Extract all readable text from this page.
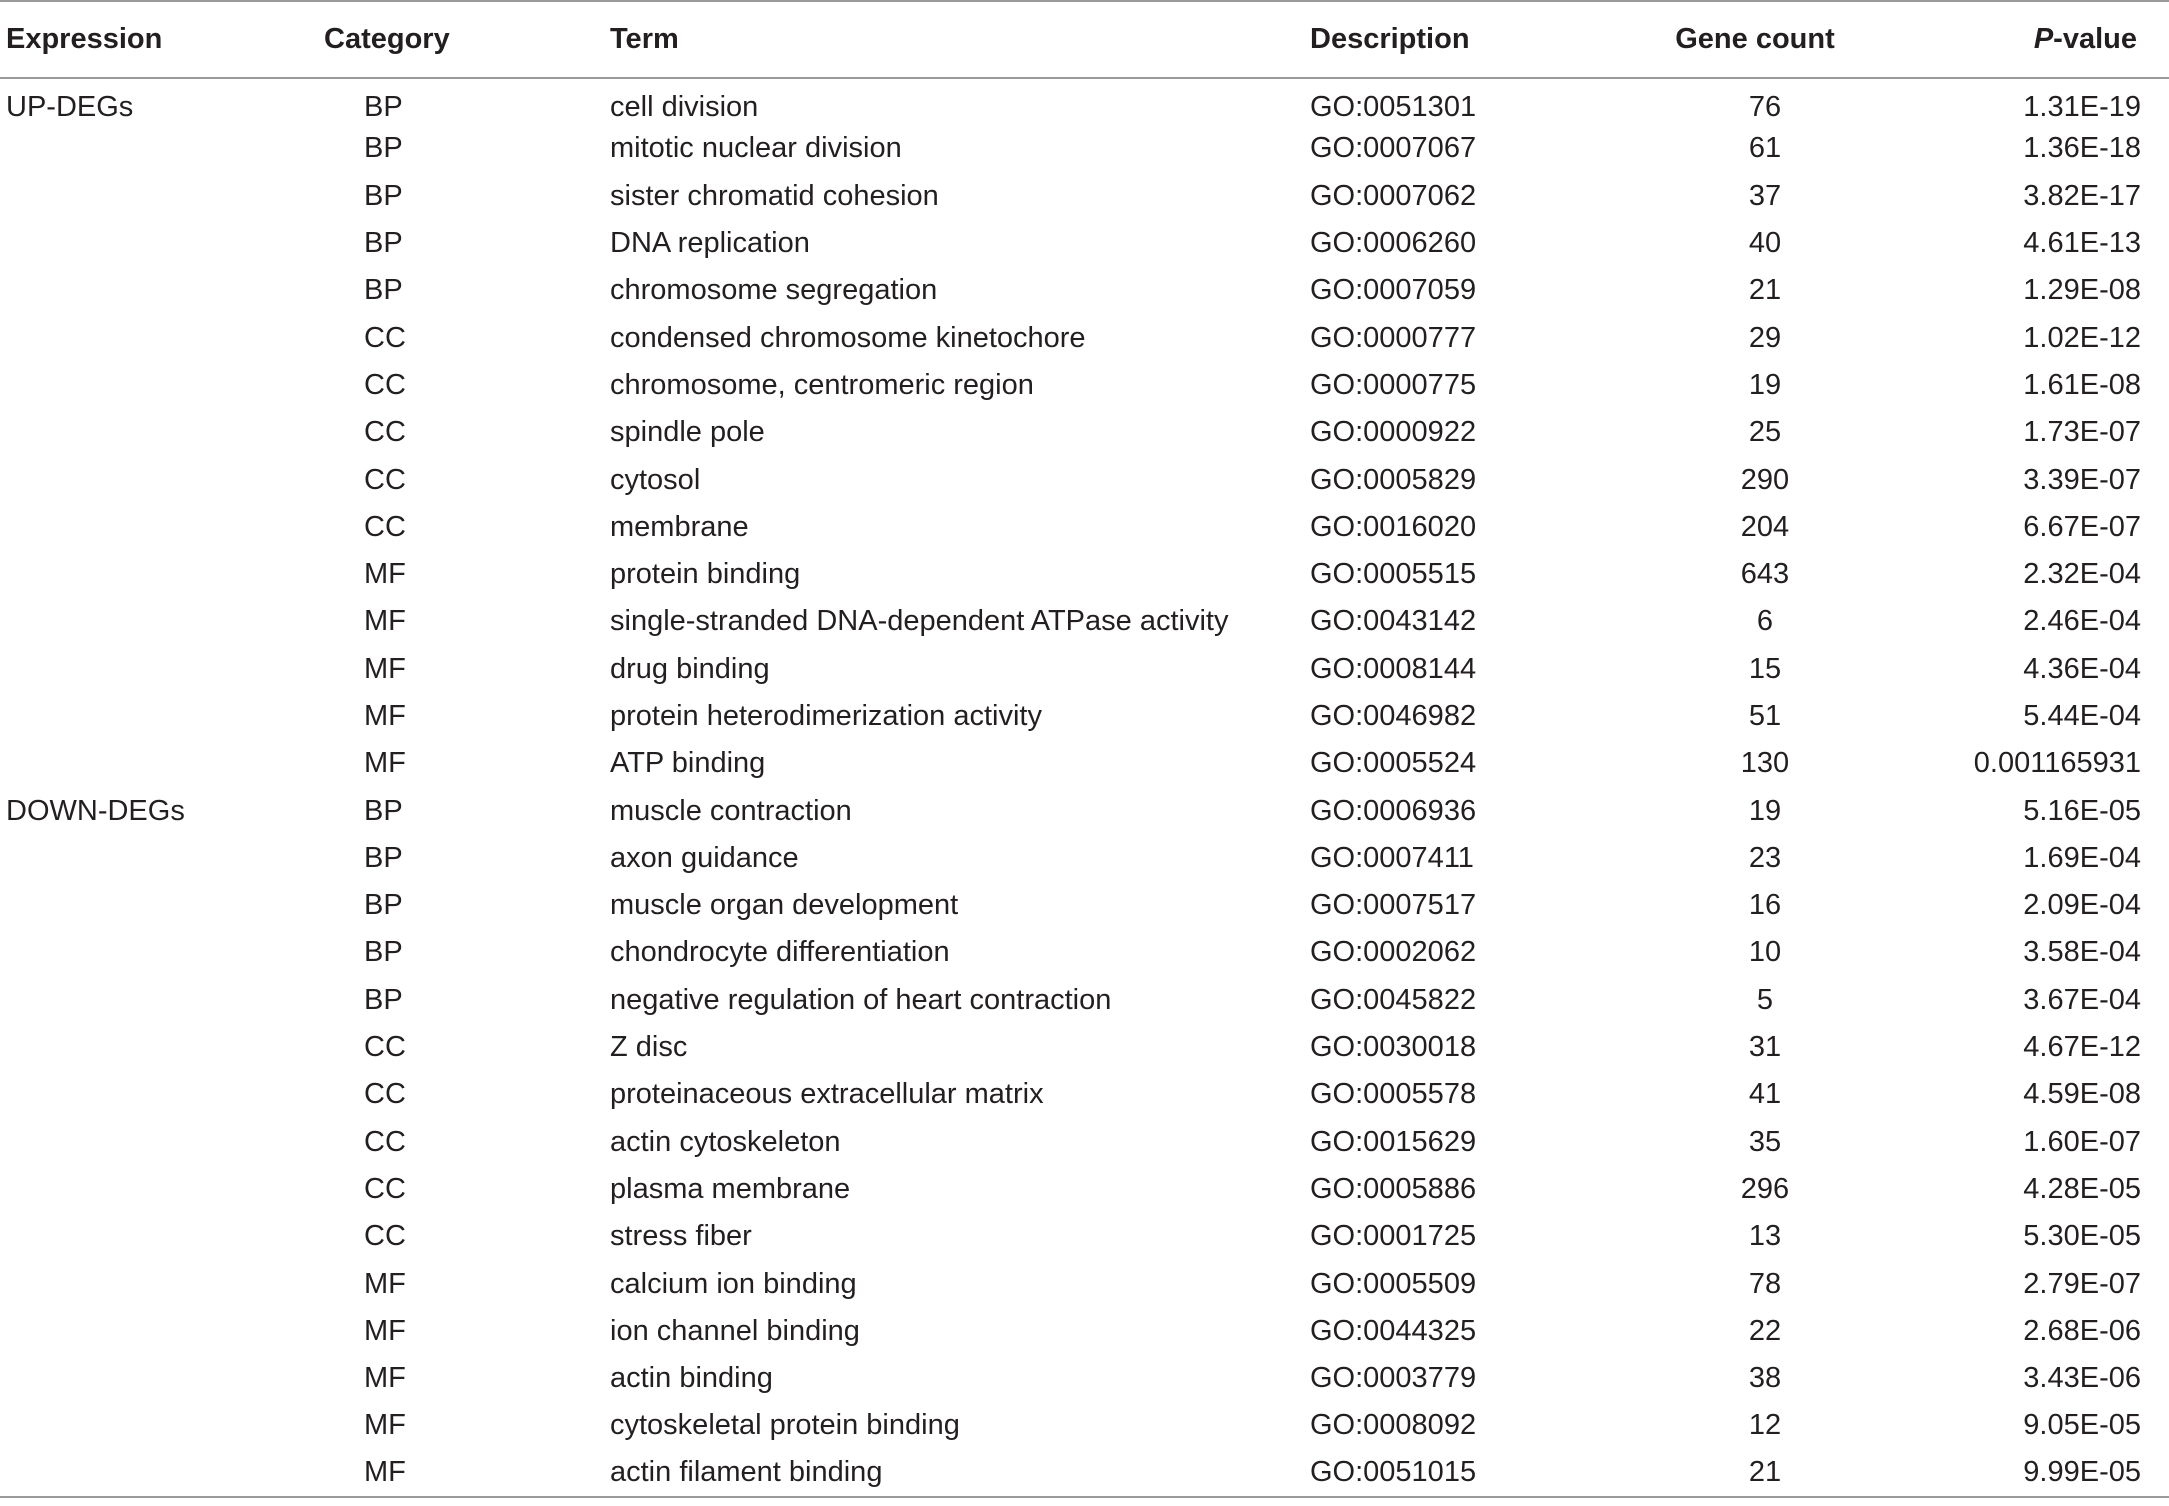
Expression	Category	Term	Description	Gene count	P-value
UP-DEGs	BP	cell division	GO:0051301	76	1.31E-19
	BP	mitotic nuclear division	GO:0007067	61	1.36E-18
	BP	sister chromatid cohesion	GO:0007062	37	3.82E-17
	BP	DNA replication	GO:0006260	40	4.61E-13
	BP	chromosome segregation	GO:0007059	21	1.29E-08
	CC	condensed chromosome kinetochore	GO:0000777	29	1.02E-12
	CC	chromosome, centromeric region	GO:0000775	19	1.61E-08
	CC	spindle pole	GO:0000922	25	1.73E-07
	CC	cytosol	GO:0005829	290	3.39E-07
	CC	membrane	GO:0016020	204	6.67E-07
	MF	protein binding	GO:0005515	643	2.32E-04
	MF	single-stranded DNA-dependent ATPase activity	GO:0043142	6	2.46E-04
	MF	drug binding	GO:0008144	15	4.36E-04
	MF	protein heterodimerization activity	GO:0046982	51	5.44E-04
	MF	ATP binding	GO:0005524	130	0.001165931
DOWN-DEGs	BP	muscle contraction	GO:0006936	19	5.16E-05
	BP	axon guidance	GO:0007411	23	1.69E-04
	BP	muscle organ development	GO:0007517	16	2.09E-04
	BP	chondrocyte differentiation	GO:0002062	10	3.58E-04
	BP	negative regulation of heart contraction	GO:0045822	5	3.67E-04
	CC	Z disc	GO:0030018	31	4.67E-12
	CC	proteinaceous extracellular matrix	GO:0005578	41	4.59E-08
	CC	actin cytoskeleton	GO:0015629	35	1.60E-07
	CC	plasma membrane	GO:0005886	296	4.28E-05
	CC	stress fiber	GO:0001725	13	5.30E-05
	MF	calcium ion binding	GO:0005509	78	2.79E-07
	MF	ion channel binding	GO:0044325	22	2.68E-06
	MF	actin binding	GO:0003779	38	3.43E-06
	MF	cytoskeletal protein binding	GO:0008092	12	9.05E-05
	MF	actin filament binding	GO:0051015	21	9.99E-05
